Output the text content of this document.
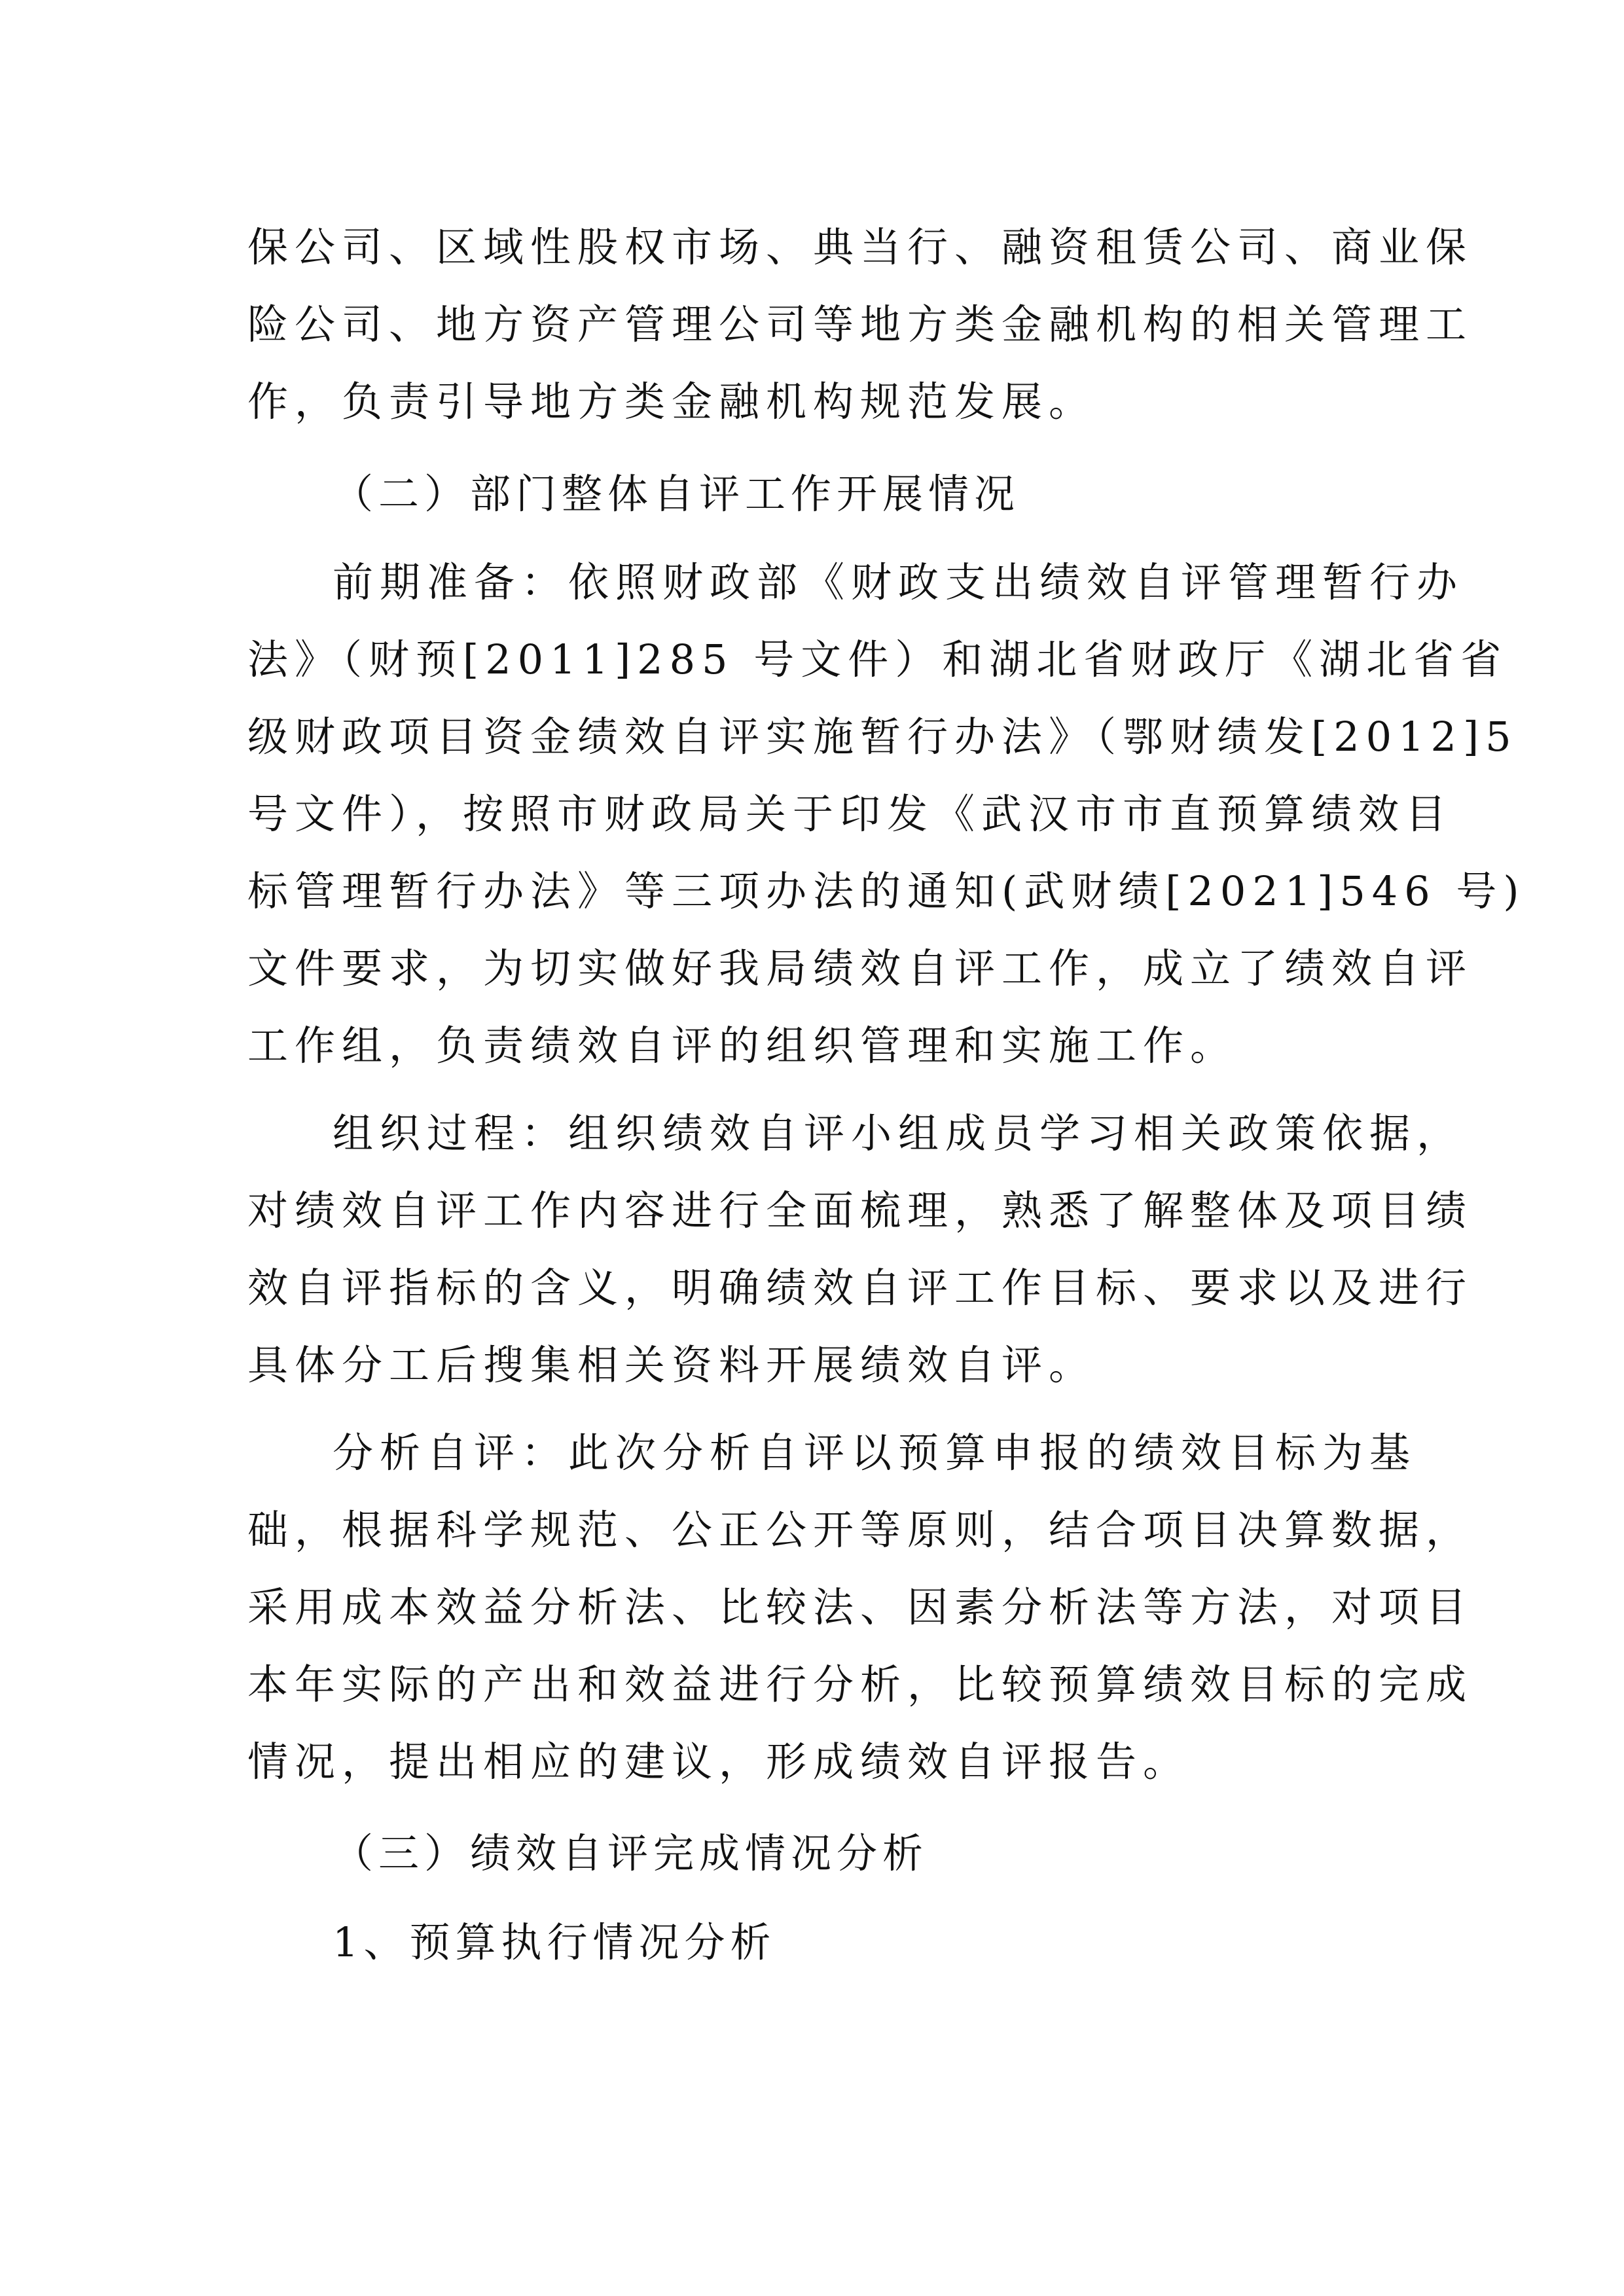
保公司、区域性股权市场、典当行、融资租赁公司、商业保
险公司、地方资产管理公司等地方类金融机构的相关管理工
作，负责引导地方类金融机构规范发展。
（二）部门整体自评工作开展情况
前期准备：依照财政部《财政支出绩效自评管理暂行办
法》（财预[2011]285 号文件）和湖北省财政厅《湖北省省
级财政项目资金绩效自评实施暂行办法》（鄂财绩发[2012]5
号文件），按照市财政局关于印发《武汉市市直预算绩效目
标管理暂行办法》等三项办法的通知(武财绩[2021]546 号)
文件要求，为切实做好我局绩效自评工作，成立了绩效自评
工作组，负责绩效自评的组织管理和实施工作。
组织过程：组织绩效自评小组成员学习相关政策依据，
对绩效自评工作内容进行全面梳理，熟悉了解整体及项目绩
效自评指标的含义，明确绩效自评工作目标、要求以及进行
具体分工后搜集相关资料开展绩效自评。
分析自评：此次分析自评以预算申报的绩效目标为基
础，根据科学规范、公正公开等原则，结合项目决算数据，
采用成本效益分析法、比较法、因素分析法等方法，对项目
本年实际的产出和效益进行分析，比较预算绩效目标的完成
情况，提出相应的建议，形成绩效自评报告。
（三）绩效自评完成情况分析
1、预算执行情况分析
